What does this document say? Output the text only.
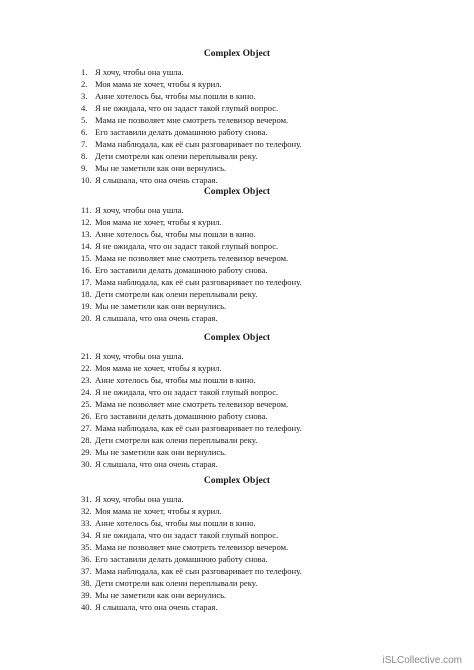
Complex Object
1. Я хочу, чтобы она ушла.
2. Моя мама не хочет, чтобы я курил.
3. Анне хотелось бы, чтобы мы пошли в кино.
4. Я не ожидала, что он задаст такой глупый вопрос.
5. Мама не позволяет мне смотреть телевизор вечером.
6. Его заставили делать домашнюю работу снова.
7. Мама наблюдала, как её сын разговаривает по телефону.
8. Дети смотрели как олени переплывали реку.
9. Мы не заметили как они вернулись.
10. Я слышала, что она очень старая.
Complex Object
11. Я хочу, чтобы она ушла.
12. Моя мама не хочет, чтобы я курил.
13. Анне хотелось бы, чтобы мы пошли в кино.
14. Я не ожидала, что он задаст такой глупый вопрос.
15. Мама не позволяет мне смотреть телевизор вечером.
16. Его заставили делать домашнюю работу снова.
17. Мама наблюдала, как её сын разговаривает по телефону.
18. Дети смотрели как олени переплывали реку.
19. Мы не заметили как они вернулись.
20. Я слышала, что она очень старая.
Complex Object
21. Я хочу, чтобы она ушла.
22. Моя мама не хочет, чтобы я курил.
23. Анне хотелось бы, чтобы мы пошли в кино.
24. Я не ожидала, что он задаст такой глупый вопрос.
25. Мама не позволяет мне смотреть телевизор вечером.
26. Его заставили делать домашнюю работу снова.
27. Мама наблюдала, как её сын разговаривает по телефону.
28. Дети смотрели как олени переплывали реку.
29. Мы не заметили как они вернулись.
30. Я слышала, что она очень старая.
Complex Object
31. Я хочу, чтобы она ушла.
32. Моя мама не хочет, чтобы я курил.
33. Анне хотелось бы, чтобы мы пошли в кино.
34. Я не ожидала, что он задаст такой глупый вопрос.
35. Мама не позволяет мне смотреть телевизор вечером.
36. Его заставили делать домашнюю работу снова.
37. Мама наблюдала, как её сын разговаривает по телефону.
38. Дети смотрели как олени переплывали реку.
39. Мы не заметили как они вернулись.
40. Я слышала, что она очень старая.
iSLCollective.com
